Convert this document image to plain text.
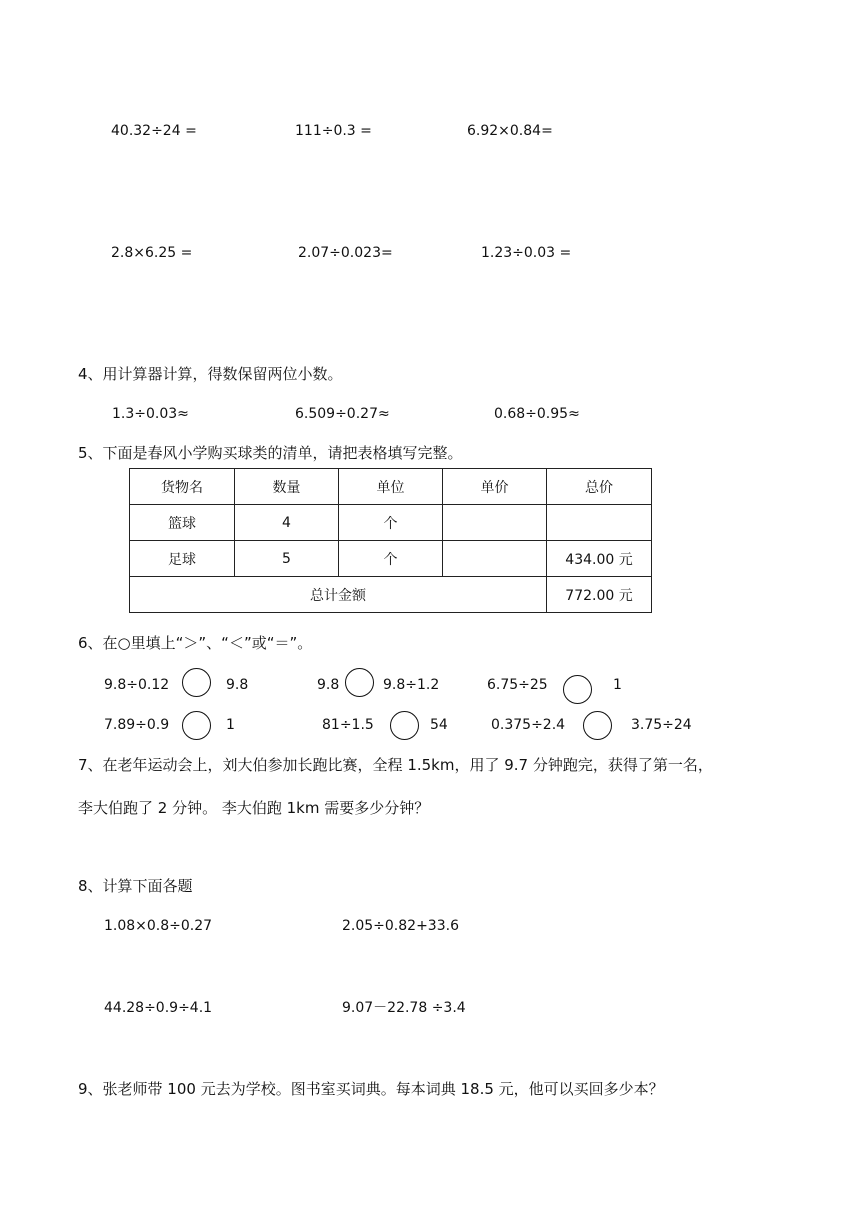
40.32÷24 =	111÷0.3 =	6.92×0.84=
2.8×6.25 =	2.07÷0.023=	1.23÷0.03 =
4、用计算器计算，得数保留两位小数。
1.3÷0.03≈	6.509÷0.27≈	0.68÷0.95≈
5、下面是春风小学购买球类的清单，请把表格填写完整。
货物名	数量	单位	单价	总价
篮球	4	个		
足球	5	个		434.00 元
总计金额				772.00 元
6、在○里填上“＞”、“＜”或“＝”。
9.8÷0.12	9.8	9.8	9.8÷1.2	6.75÷25	1
7.89÷0.9	1	81÷1.5	54	0.375÷2.4	3.75÷24
7、在老年运动会上，刘大伯参加长跑比赛，全程 1.5km，用了 9.7 分钟跑完，获得了第一名，
李大伯跑了 2 分钟。 李大伯跑 1km 需要多少分钟？
8、计算下面各题
1.08×0.8÷0.27	2.05÷0.82+33.6
44.28÷0.9÷4.1	9.07－22.78 ÷3.4
9、张老师带 100 元去为学校。图书室买词典。每本词典 18.5 元，他可以买回多少本？
